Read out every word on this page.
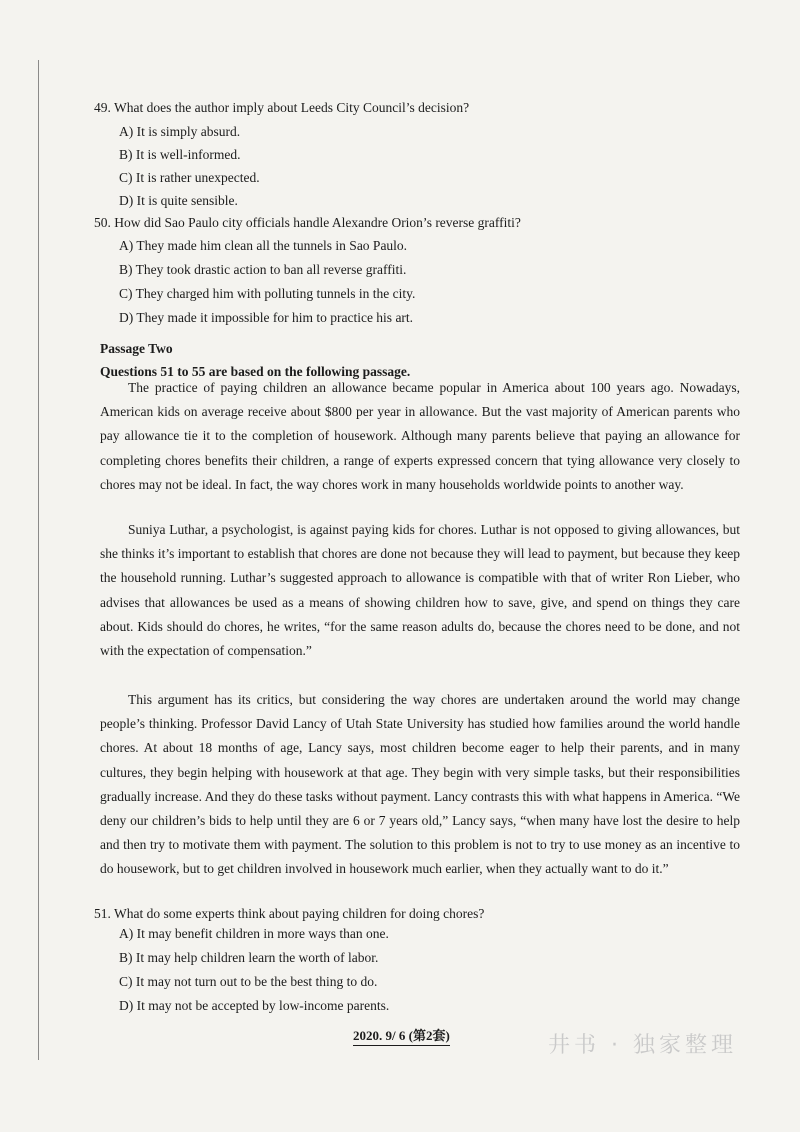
49. What does the author imply about Leeds City Council’s decision?
A) It is simply absurd.
B) It is well-informed.
C) It is rather unexpected.
D) It is quite sensible.
50. How did Sao Paulo city officials handle Alexandre Orion’s reverse graffiti?
A) They made him clean all the tunnels in Sao Paulo.
B) They took drastic action to ban all reverse graffiti.
C) They charged him with polluting tunnels in the city.
D) They made it impossible for him to practice his art.
Passage Two
Questions 51 to 55 are based on the following passage.
The practice of paying children an allowance became popular in America about 100 years ago. Nowadays, American kids on average receive about $800 per year in allowance. But the vast majority of American parents who pay allowance tie it to the completion of housework. Although many parents believe that paying an allowance for completing chores benefits their children, a range of experts expressed concern that tying allowance very closely to chores may not be ideal. In fact, the way chores work in many households worldwide points to another way.
Suniya Luthar, a psychologist, is against paying kids for chores. Luthar is not opposed to giving allowances, but she thinks it’s important to establish that chores are done not because they will lead to payment, but because they keep the household running. Luthar’s suggested approach to allowance is compatible with that of writer Ron Lieber, who advises that allowances be used as a means of showing children how to save, give, and spend on things they care about. Kids should do chores, he writes, “for the same reason adults do, because the chores need to be done, and not with the expectation of compensation.”
This argument has its critics, but considering the way chores are undertaken around the world may change people’s thinking. Professor David Lancy of Utah State University has studied how families around the world handle chores. At about 18 months of age, Lancy says, most children become eager to help their parents, and in many cultures, they begin helping with housework at that age. They begin with very simple tasks, but their responsibilities gradually increase. And they do these tasks without payment. Lancy contrasts this with what happens in America. “We deny our children’s bids to help until they are 6 or 7 years old,” Lancy says, “when many have lost the desire to help and then try to motivate them with payment. The solution to this problem is not to try to use money as an incentive to do housework, but to get children involved in housework much earlier, when they actually want to do it.”
51. What do some experts think about paying children for doing chores?
A) It may benefit children in more ways than one.
B) It may help children learn the worth of labor.
C) It may not turn out to be the best thing to do.
D) It may not be accepted by low-income parents.
2020. 9/ 6 (第2套)	井书 · 独家整理
